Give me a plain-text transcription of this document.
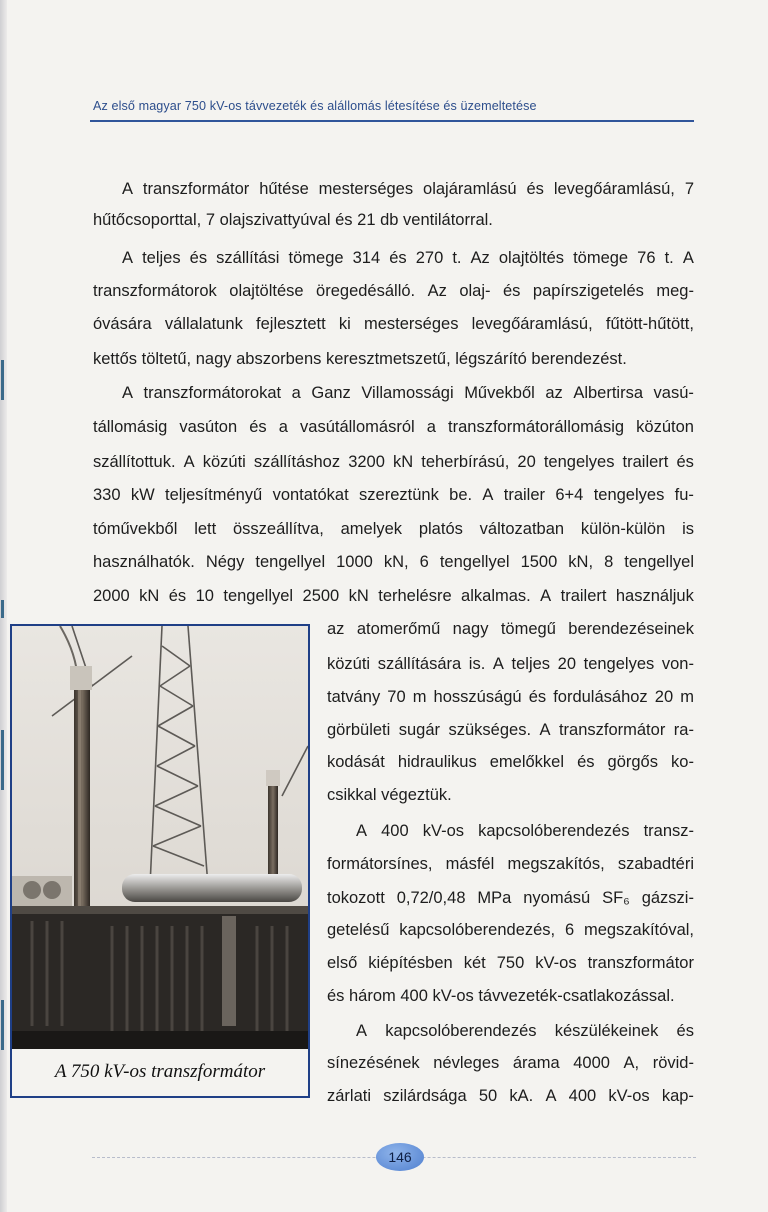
Az első magyar 750 kV-os távvezeték és alállomás létesítése és üzemeltetése
A transzformátor hűtése mesterséges olajáramlású és levegőáramlású, 7
hűtőcsoporttal, 7 olajszivattyúval és 21 db ventilátorral.
A teljes és szállítási tömege 314 és 270 t. Az olajtöltés tömege 76 t. A
transzformátorok olajtöltése öregedésálló. Az olaj- és papírszigetelés meg-
óvására vállalatunk fejlesztett ki mesterséges levegőáramlású, fűtött-hűtött,
kettős töltetű, nagy abszorbens keresztmetszetű, légszárító berendezést.
A transzformátorokat a Ganz Villamossági Művekből az Albertirsa vasú-
tállomásig vasúton és a vasútállomásról a transzformátorállomásig közúton
szállítottuk. A közúti szállításhoz 3200 kN teherbírású, 20 tengelyes trailert és
330 kW teljesítményű vontatókat szereztünk be. A trailer 6+4 tengelyes fu-
tóművekből lett összeállítva, amelyek platós változatban külön-külön is
használhatók. Négy tengellyel 1000 kN, 6 tengellyel 1500 kN, 8 tengellyel
2000 kN és 10 tengellyel 2500 kN terhelésre alkalmas. A trailert használjuk
az atomerőmű nagy tömegű berendezéseinek
közúti szállítására is. A teljes 20 tengelyes von-
tatvány 70 m hosszúságú és fordulásához 20 m
görbületi sugár szükséges. A transzformátor ra-
kodását hidraulikus emelőkkel és görgős ko-
csikkal végeztük.
A 400 kV-os kapcsolóberendezés transz-
formátorsínes, másfél megszakítós, szabadtéri
tokozott 0,72/0,48 MPa nyomású SF₆ gázszi-
getelésű kapcsolóberendezés, 6 megszakítóval,
első kiépítésben két 750 kV-os transzformátor
és három 400 kV-os távvezeték-csatlakozással.
A kapcsolóberendezés készülékeinek és
sínezésének névleges árama 4000 A, rövid-
zárlati szilárdsága 50 kA. A 400 kV-os kap-
A 750 kV-os transzformátor
146
